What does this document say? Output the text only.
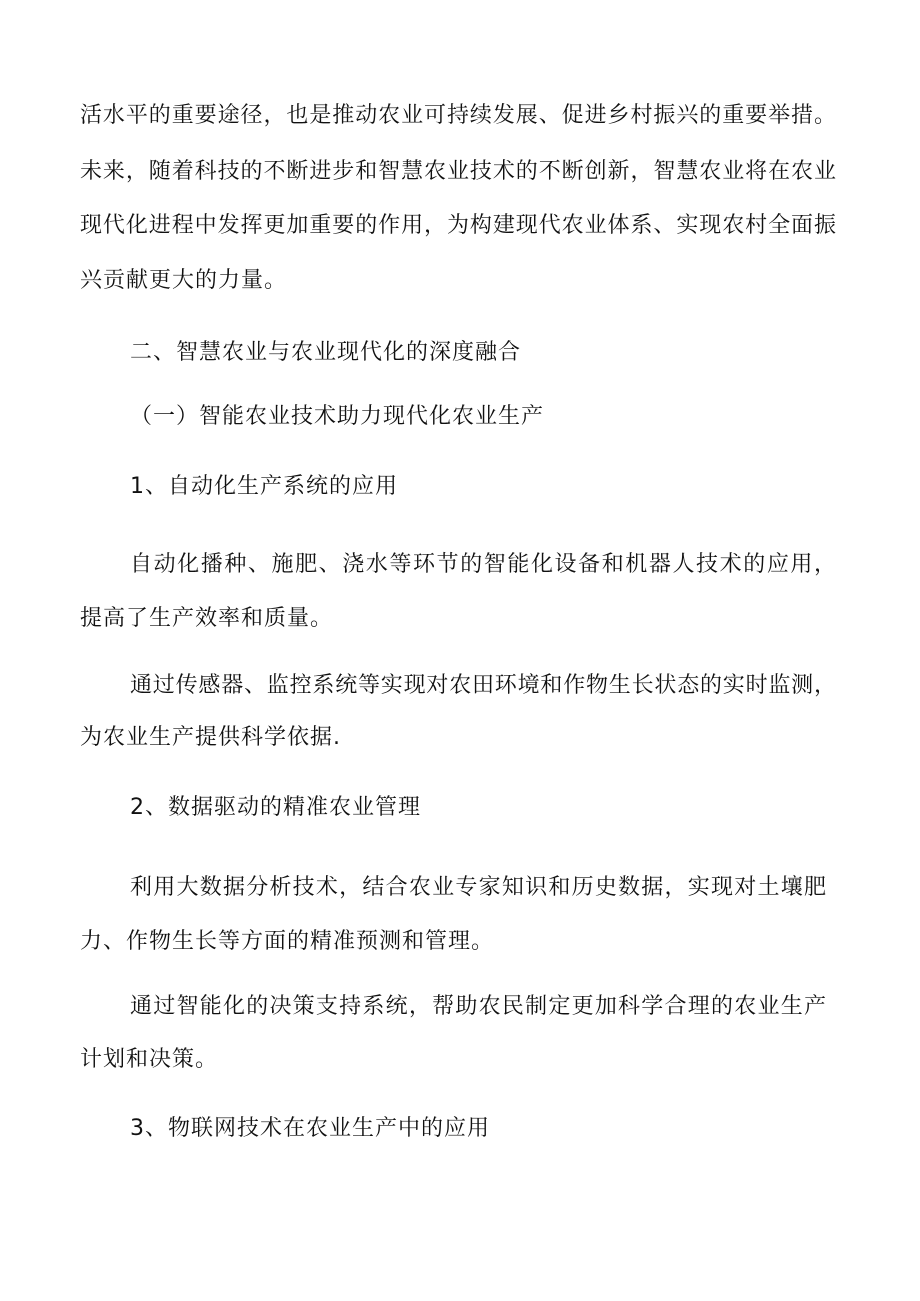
活水平的重要途径，也是推动农业可持续发展、促进乡村振兴的重要举措。

未来，随着科技的不断进步和智慧农业技术的不断创新，智慧农业将在农业

现代化进程中发挥更加重要的作用，为构建现代农业体系、实现农村全面振

兴贡献更大的力量。

二、智慧农业与农业现代化的深度融合

（一）智能农业技术助力现代化农业生产

1、自动化生产系统的应用

自动化播种、施肥、浇水等环节的智能化设备和机器人技术的应用，

提高了生产效率和质量。

通过传感器、监控系统等实现对农田环境和作物生长状态的实时监测，

为农业生产提供科学依据.

2、数据驱动的精准农业管理

利用大数据分析技术，结合农业专家知识和历史数据，实现对土壤肥

力、作物生长等方面的精准预测和管理。

通过智能化的决策支持系统，帮助农民制定更加科学合理的农业生产

计划和决策。

3、物联网技术在农业生产中的应用
